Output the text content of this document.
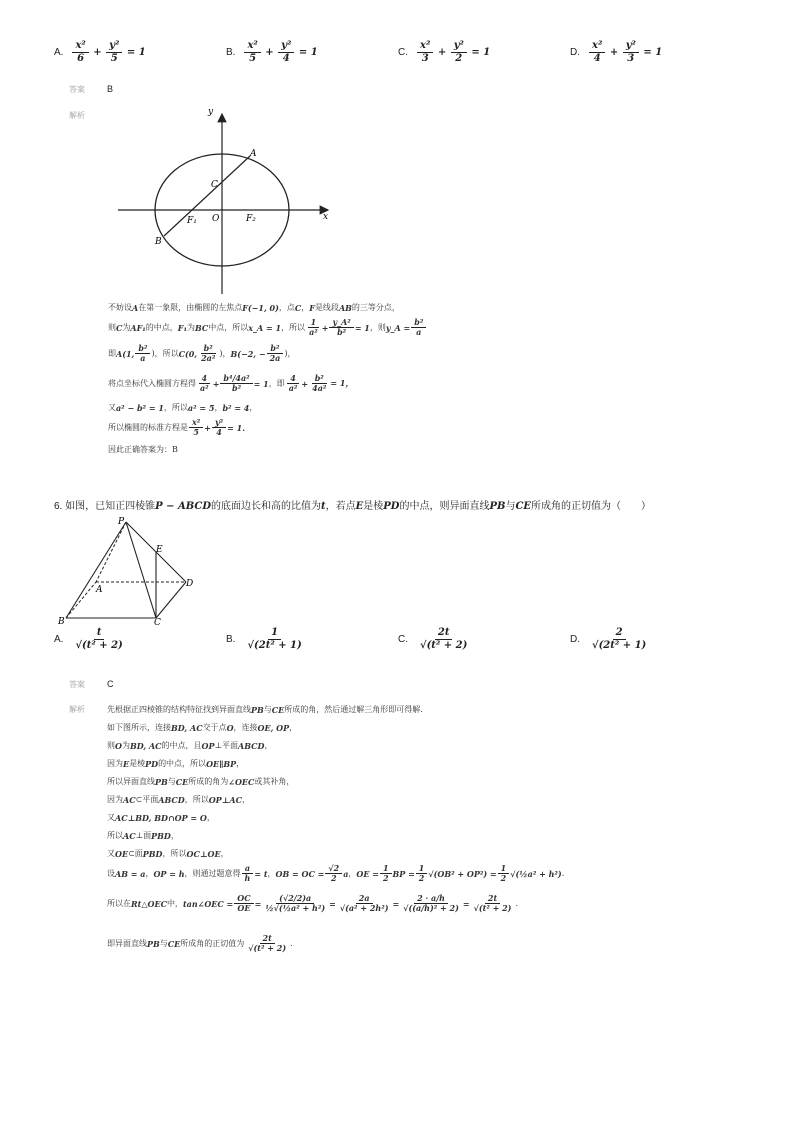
A. $\frac{\text{x²}}{6} + \frac{\text{y²}}{5}$
= 1	B. $\frac{\text{x²}}{5} + \frac{\text{y²}}{4}$
= 1	C. $\frac{\text{x²}}{3} + \frac{\text{y²}}{2}$
= 1	D. $\frac{\text{x²}}{4} + \frac{\text{y²}}{3}$
= 1
答案 B
解析	y
x
A
B
C
O
F₁	F₂
不妨设 A 在第一象限，由椭圆的左焦点 F(−1, 0) ，点 C ， F 是线段 AB 的三等分点，
则 C 为 AF₁ 的中点， F₁ 为 BC 中点，所以 x_A = 1 ，所以 $\frac{1}{\text{a²}} + \frac{\text{y\_A²}}{\text{b²}} = 1$ ，则 y_A = $\frac{\text{b²}}{a}$
即 A(1, $\frac{\text{b²}}{a}$ )，所以 C(0, $\frac{\text{b²}}{\text{2a²}}$ )， B(−2, − $\frac{\text{b²}}{2a}$ )，
将点坐标代入椭圆方程得 $\frac{4}{\text{a²}} + \frac{\text{b⁴/4a²}}{\text{b²}} = 1$ ，即 $\frac{4}{\text{a²}} + \frac{\text{b²}}{\text{4a²}} = 1$，
又 a² − b² = 1 ，所以 a² = 5 ， b² = 4 ，
所以椭圆的标准方程是 $\frac{\text{x²}}{5} + \frac{\text{y²}}{4} = 1$.
因此正确答案为：B
6. 如图，已知正四棱锥P − ABCD的底面边长和高的比值为t，若点E是棱PD的中点，则异面直线PB与CE所成角的正切值为（　　）
P
E
A
D
B	C
A. $\frac{t}{\text{√(t² + 2)}}$	B. $\frac{1}{\text{√(2t² + 1)}}$	C. $\frac{2t}{\text{√(t² + 2)}}$	D. $\frac{2}{\text{√(2t² + 1)}}$
答案 C
解析	先根据正四棱锥的结构特征找到异面直线 PB 与 CE 所成的角，然后通过解三角形即可得解.
如下图所示，连接 BD, AC 交于点 O ，连接 OE, OP ，
则 O 为 BD, AC 的中点，且 OP ⊥平面 ABCD ，
因为 E 是棱 PD 的中点，所以 OE∥BP ，
所以异面直线 PB 与 CE 所成的角为 ∠OEC 或其补角，
因为 AC ⊂平面 ABCD ，所以 OP⊥AC ，
又 AC⊥BD, BD∩OP = O ，
所以 AC ⊥面 PBD ，
又 OE ⊂面 PBD ，所以 OC⊥OE ，
设 AB = a ， OP = h ，则通过题意得 $\frac{a}{h} = t$ ， OB = OC = $\frac{√2}{2}$ a ， OE = $\frac{1}{2}$ BP = $\frac{1}{2} √(OB^2 + OP^2) = \frac{1}{2}$ √(½a² + h²) .
所以在 Rt△OEC 中， tan∠OEC = $\frac{OC}{OE} = \frac{(√2/2)a}{\text{½√(½a² + h²)}} = \frac{2a}{\text{√(a² + 2h²)}} = \frac{2 \cdot a/h}{\text{√((a/h)² + 2)}} = \frac{2t}{\text{√(t² + 2)}}$ .
即异面直线 PB 与 CE 所成角的正切值为 $\frac{2t}{\text{√(t² + 2)}}$ .
